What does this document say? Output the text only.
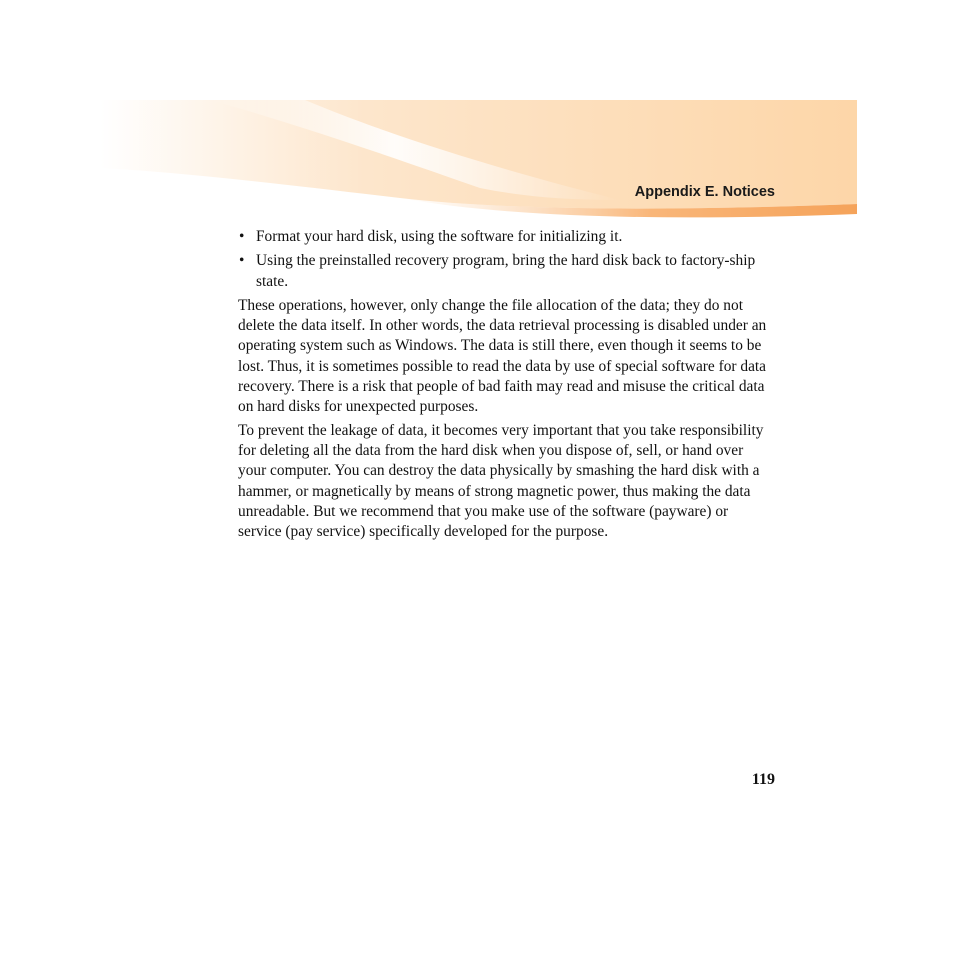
Appendix E. Notices
• Format your hard disk, using the software for initializing it.
• Using the preinstalled recovery program, bring the hard disk back to factory-ship state.

These operations, however, only change the file allocation of the data; they do not delete the data itself. In other words, the data retrieval processing is disabled under an operating system such as Windows. The data is still there, even though it seems to be lost. Thus, it is sometimes possible to read the data by use of special software for data recovery. There is a risk that people of bad faith may read and misuse the critical data on hard disks for unexpected purposes.

To prevent the leakage of data, it becomes very important that you take responsibility for deleting all the data from the hard disk when you dispose of, sell, or hand over your computer. You can destroy the data physically by smashing the hard disk with a hammer, or magnetically by means of strong magnetic power, thus making the data unreadable. But we recommend that you make use of the software (payware) or service (pay service) specifically developed for the purpose.

119
